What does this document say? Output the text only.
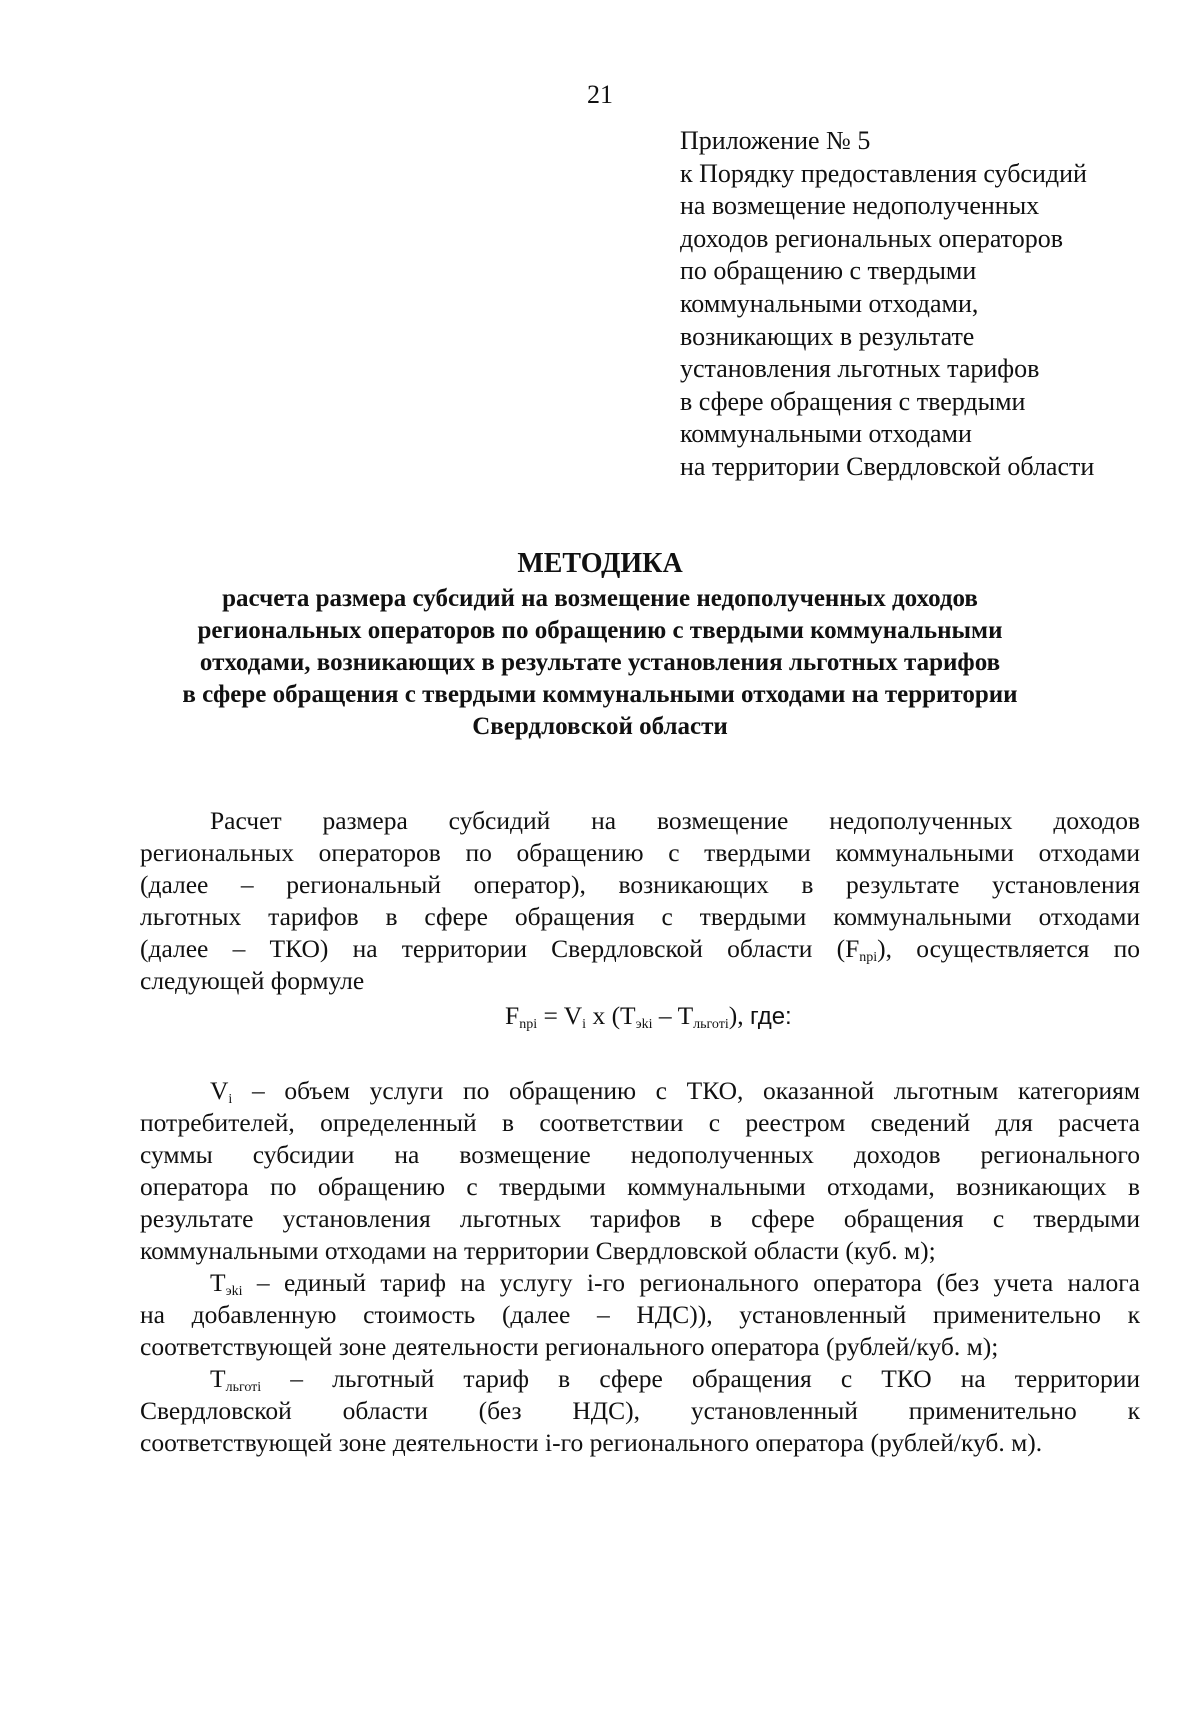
21
Приложение № 5
к Порядку предоставления субсидий
на возмещение недополученных
доходов региональных операторов
по обращению с твердыми
коммунальными отходами,
возникающих в результате
установления льготных тарифов
в сфере обращения с твердыми
коммунальными отходами
на территории Свердловской области
МЕТОДИКА
расчета размера субсидий на возмещение недополученных доходов
региональных операторов по обращению с твердыми коммунальными
отходами, возникающих в результате установления льготных тарифов
в сфере обращения с твердыми коммунальными отходами на территории
Свердловской области
Расчет размера субсидий на возмещение недополученных доходов
региональных операторов по обращению с твердыми коммунальными отходами
(далее – региональный оператор), возникающих в результате установления
льготных тарифов в сфере обращения с твердыми коммунальными отходами
(далее – ТКО) на территории Свердловской области $(F_{npi})$, осуществляется по
следующей формуле
$F_{npi} = V_i$ x $(T_{эki} - T_{льготi})$, где:
$V_i$ – объем услуги по обращению с ТКО, оказанной льготным категориям
потребителей, определенный в соответствии с реестром сведений для расчета
суммы субсидии на возмещение недополученных доходов регионального
оператора по обращению с твердыми коммунальными отходами, возникающих в
результате установления льготных тарифов в сфере обращения с твердыми
коммунальными отходами на территории Свердловской области (куб. м);
$T_{эki}$ – единый тариф на услугу i-го регионального оператора (без учета налога
на добавленную стоимость (далее – НДС)), установленный применительно к
соответствующей зоне деятельности регионального оператора (рублей/куб. м);
$T_{льготi}$ – льготный тариф в сфере обращения с ТКО на территории
Свердловской области (без НДС), установленный применительно к
соответствующей зоне деятельности i-го регионального оператора (рублей/куб. м).
